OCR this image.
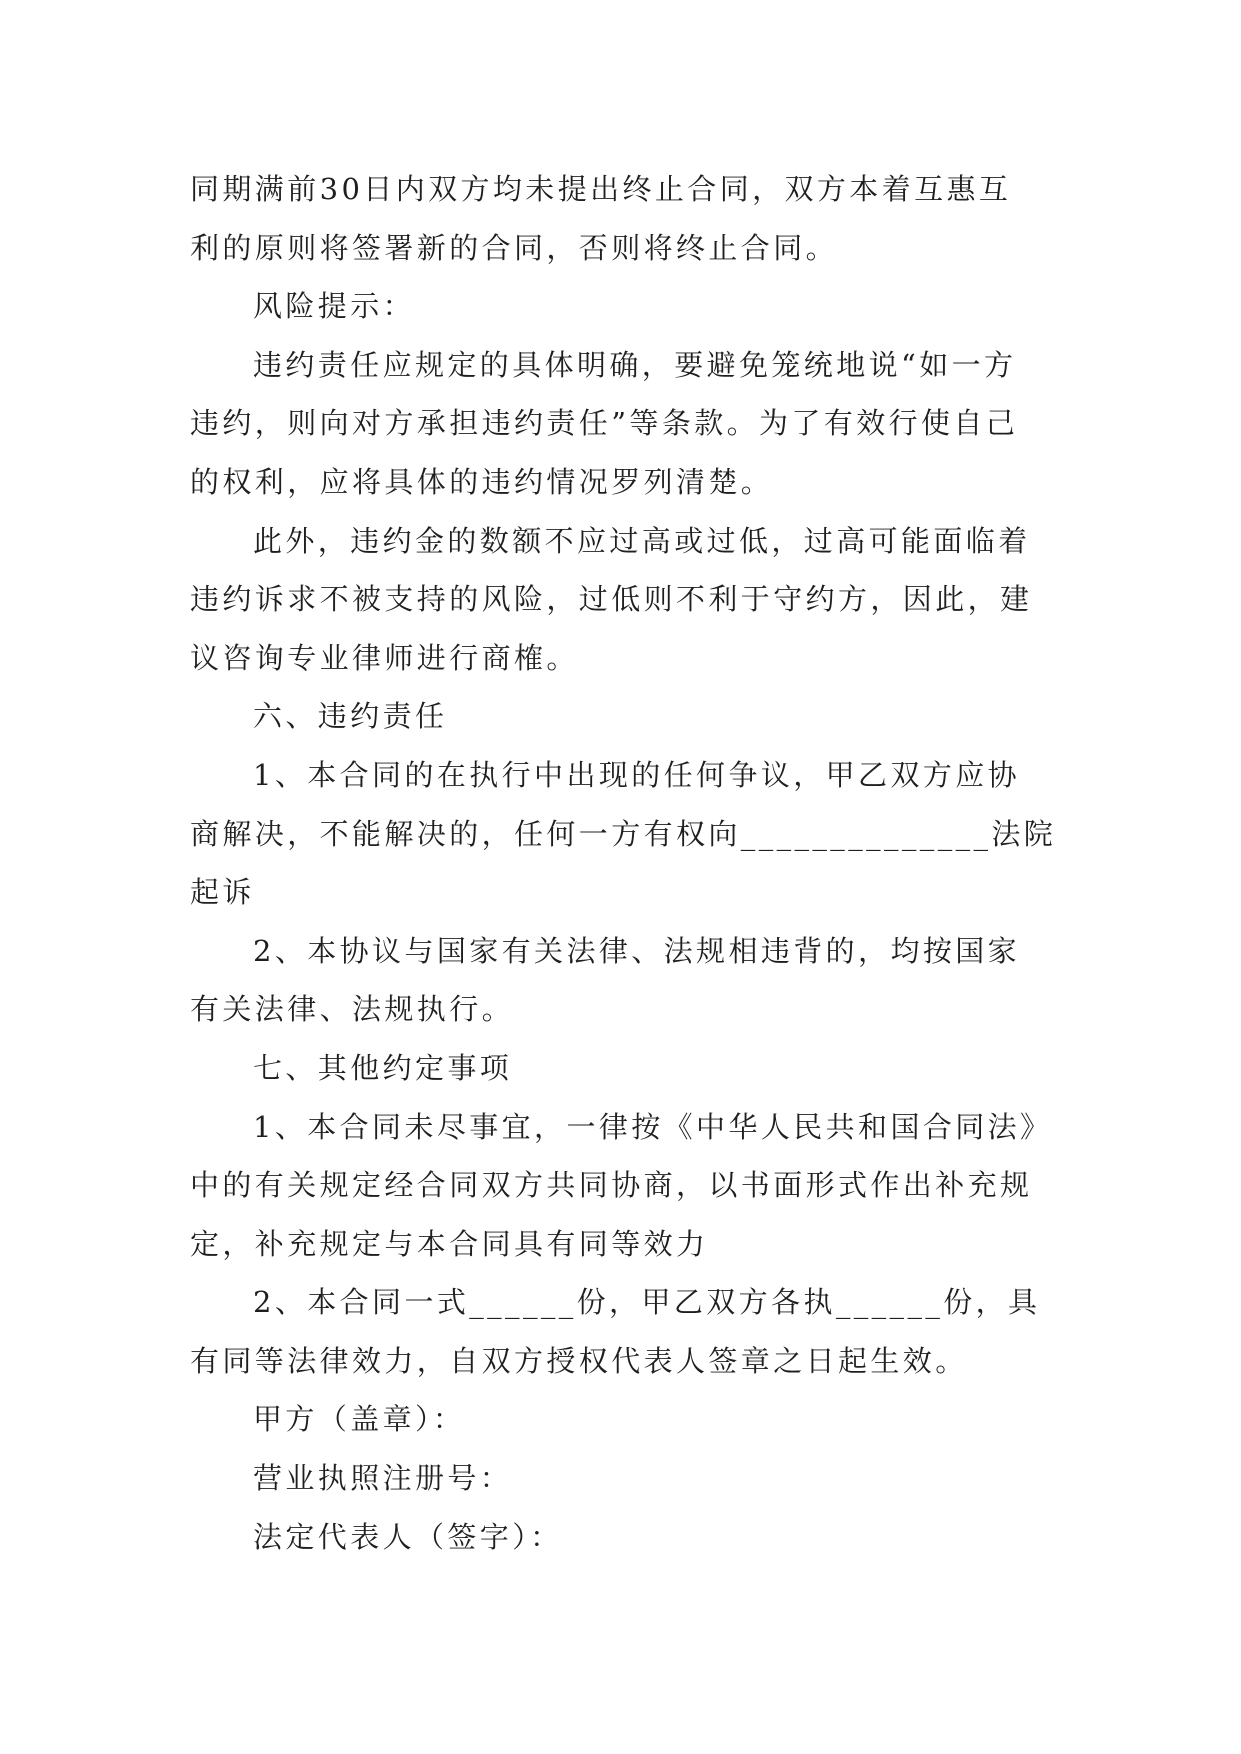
同期满前30日内双方均未提出终止合同，双方本着互惠互
利的原则将签署新的合同，否则将终止合同。
风险提示：
违约责任应规定的具体明确，要避免笼统地说“如一方
违约，则向对方承担违约责任”等条款。为了有效行使自己
的权利，应将具体的违约情况罗列清楚。
此外，违约金的数额不应过高或过低，过高可能面临着
违约诉求不被支持的风险，过低则不利于守约方，因此，建
议咨询专业律师进行商榷。
六、违约责任
1、本合同的在执行中出现的任何争议，甲乙双方应协
商解决，不能解决的，任何一方有权向______________法院
起诉
2、本协议与国家有关法律、法规相违背的，均按国家
有关法律、法规执行。
七、其他约定事项
1、本合同未尽事宜，一律按《中华人民共和国合同法》
中的有关规定经合同双方共同协商，以书面形式作出补充规
定，补充规定与本合同具有同等效力
2、本合同一式______份，甲乙双方各执______份，具
有同等法律效力，自双方授权代表人签章之日起生效。
甲方（盖章）：
营业执照注册号：
法定代表人（签字）：
